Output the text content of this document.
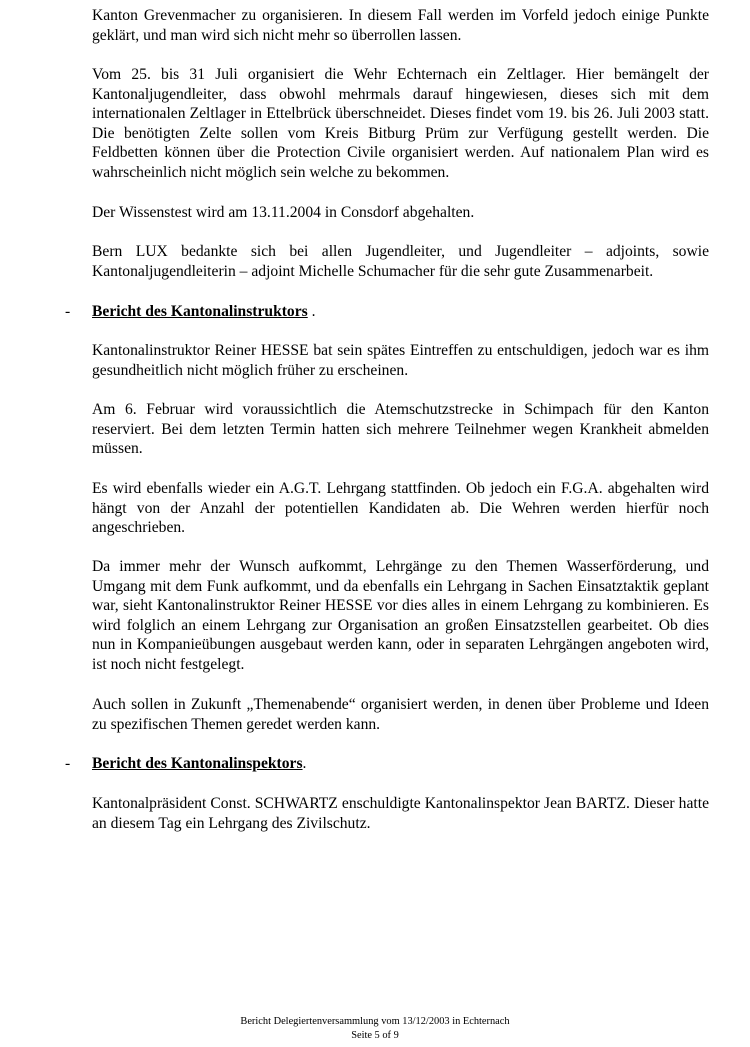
Kanton Grevenmacher zu organisieren. In diesem Fall werden im Vorfeld jedoch einige Punkte geklärt, und man wird sich nicht mehr so überrollen lassen.

Vom 25. bis 31 Juli organisiert die Wehr Echternach ein Zeltlager. Hier bemängelt der Kantonaljugendleiter, dass obwohl mehrmals darauf hingewiesen, dieses sich mit dem internationalen Zeltlager in Ettelbrück überschneidet. Dieses findet vom 19. bis 26. Juli 2003 statt. Die benötigten Zelte sollen vom Kreis Bitburg Prüm zur Verfügung gestellt werden. Die Feldbetten können über die Protection Civile organisiert werden. Auf nationalem Plan wird es wahrscheinlich nicht möglich sein welche zu bekommen.

Der Wissenstest wird am 13.11.2004 in Consdorf abgehalten.

Bern LUX bedankte sich bei allen Jugendleiter, und Jugendleiter – adjoints, sowie Kantonaljugendleiterin – adjoint Michelle Schumacher für die sehr gute Zusammenarbeit.

- Bericht des Kantonalinstruktors .

Kantonalinstruktor Reiner HESSE bat sein spätes Eintreffen zu entschuldigen, jedoch war es ihm gesundheitlich nicht möglich früher zu erscheinen.

Am 6. Februar wird voraussichtlich die Atemschutzstrecke in Schimpach für den Kanton reserviert. Bei dem letzten Termin hatten sich mehrere Teilnehmer wegen Krankheit abmelden müssen.

Es wird ebenfalls wieder ein A.G.T. Lehrgang stattfinden. Ob jedoch ein F.G.A. abgehalten wird hängt von der Anzahl der potentiellen Kandidaten ab. Die Wehren werden hierfür noch angeschrieben.

Da immer mehr der Wunsch aufkommt, Lehrgänge zu den Themen Wasserförderung, und Umgang mit dem Funk aufkommt, und da ebenfalls ein Lehrgang in Sachen Einsatztaktik geplant war, sieht Kantonalinstruktor Reiner HESSE vor dies alles in einem Lehrgang zu kombinieren. Es wird folglich an einem Lehrgang zur Organisation an großen Einsatzstellen gearbeitet. Ob dies nun in Kompanieübungen ausgebaut werden kann, oder in separaten Lehrgängen angeboten wird, ist noch nicht festgelegt.

Auch sollen in Zukunft „Themenabende“ organisiert werden, in denen über Probleme und Ideen zu spezifischen Themen geredet werden kann.

- Bericht des Kantonalinspektors.

Kantonalpräsident Const. SCHWARTZ enschuldigte Kantonalinspektor Jean BARTZ. Dieser hatte an diesem Tag ein Lehrgang des Zivilschutz.

Bericht Delegiertenversammlung vom 13/12/2003 in Echternach
Seite 5 of 9
